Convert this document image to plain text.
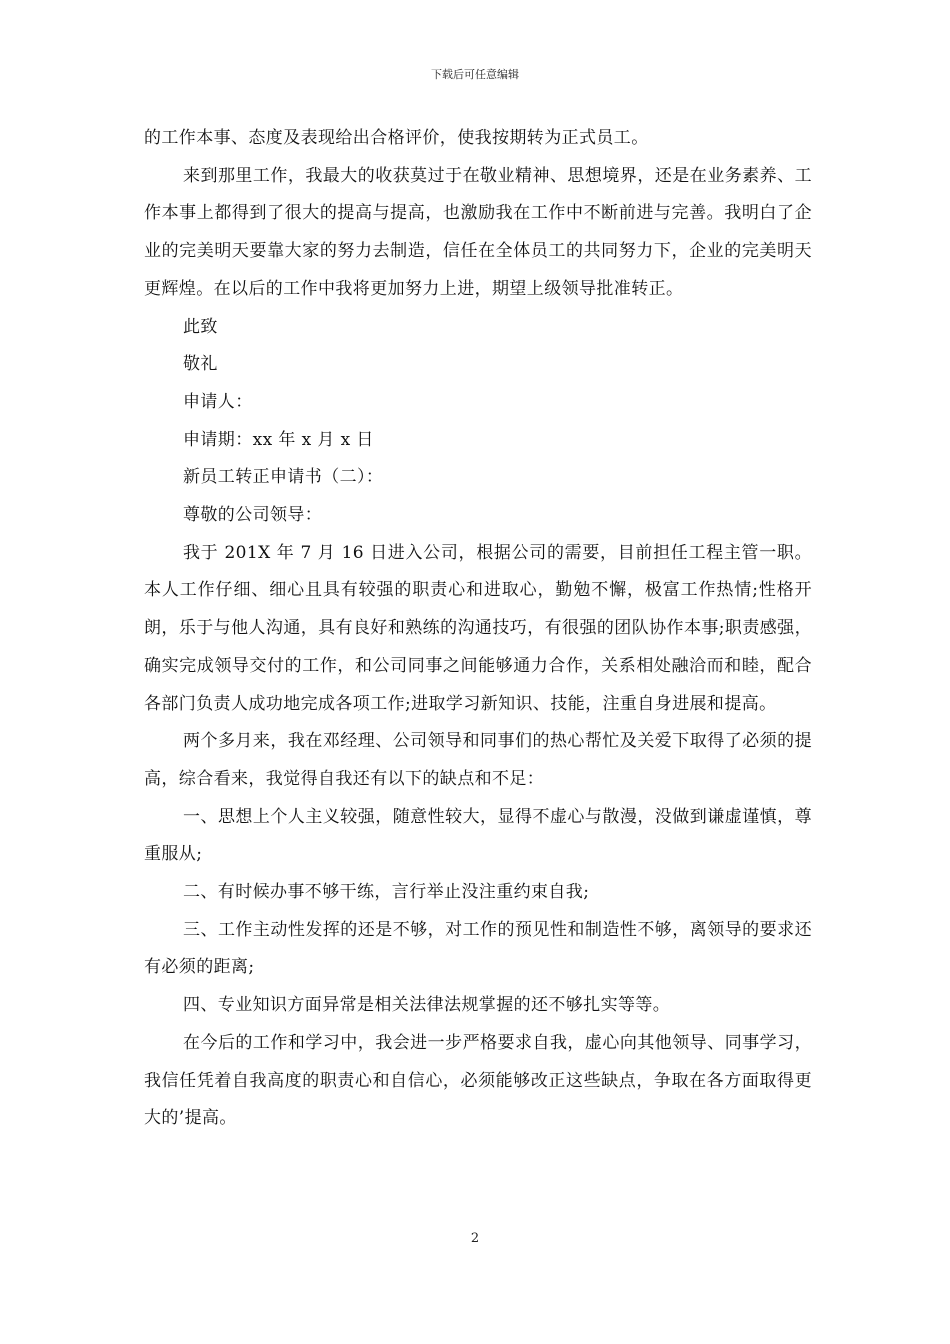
下载后可任意编辑

的工作本事、态度及表现给出合格评价，使我按期转为正式员工。

来到那里工作，我最大的收获莫过于在敬业精神、思想境界，还是在业务素养、工作本事上都得到了很大的提高与提高，也激励我在工作中不断前进与完善。我明白了企业的完美明天要靠大家的努力去制造，信任在全体员工的共同努力下，企业的完美明天更辉煌。在以后的工作中我将更加努力上进，期望上级领导批准转正。

此致

敬礼

申请人：

申请期：xx 年 x 月 x 日

新员工转正申请书（二）：

尊敬的公司领导：

我于 201X 年 7 月 16 日进入公司，根据公司的需要，目前担任工程主管一职。本人工作仔细、细心且具有较强的职责心和进取心，勤勉不懈，极富工作热情;性格开朗，乐于与他人沟通，具有良好和熟练的沟通技巧，有很强的团队协作本事;职责感强，确实完成领导交付的工作，和公司同事之间能够通力合作，关系相处融洽而和睦，配合各部门负责人成功地完成各项工作;进取学习新知识、技能，注重自身进展和提高。

两个多月来，我在邓经理、公司领导和同事们的热心帮忙及关爱下取得了必须的提高，综合看来，我觉得自我还有以下的缺点和不足：

一、思想上个人主义较强，随意性较大，显得不虚心与散漫，没做到谦虚谨慎，尊重服从;

二、有时候办事不够干练，言行举止没注重约束自我;

三、工作主动性发挥的还是不够，对工作的预见性和制造性不够，离领导的要求还有必须的距离;

四、专业知识方面异常是相关法律法规掌握的还不够扎实等等。

在今后的工作和学习中，我会进一步严格要求自我，虚心向其他领导、同事学习，我信任凭着自我高度的职责心和自信心，必须能够改正这些缺点，争取在各方面取得更大的’提高。

2
